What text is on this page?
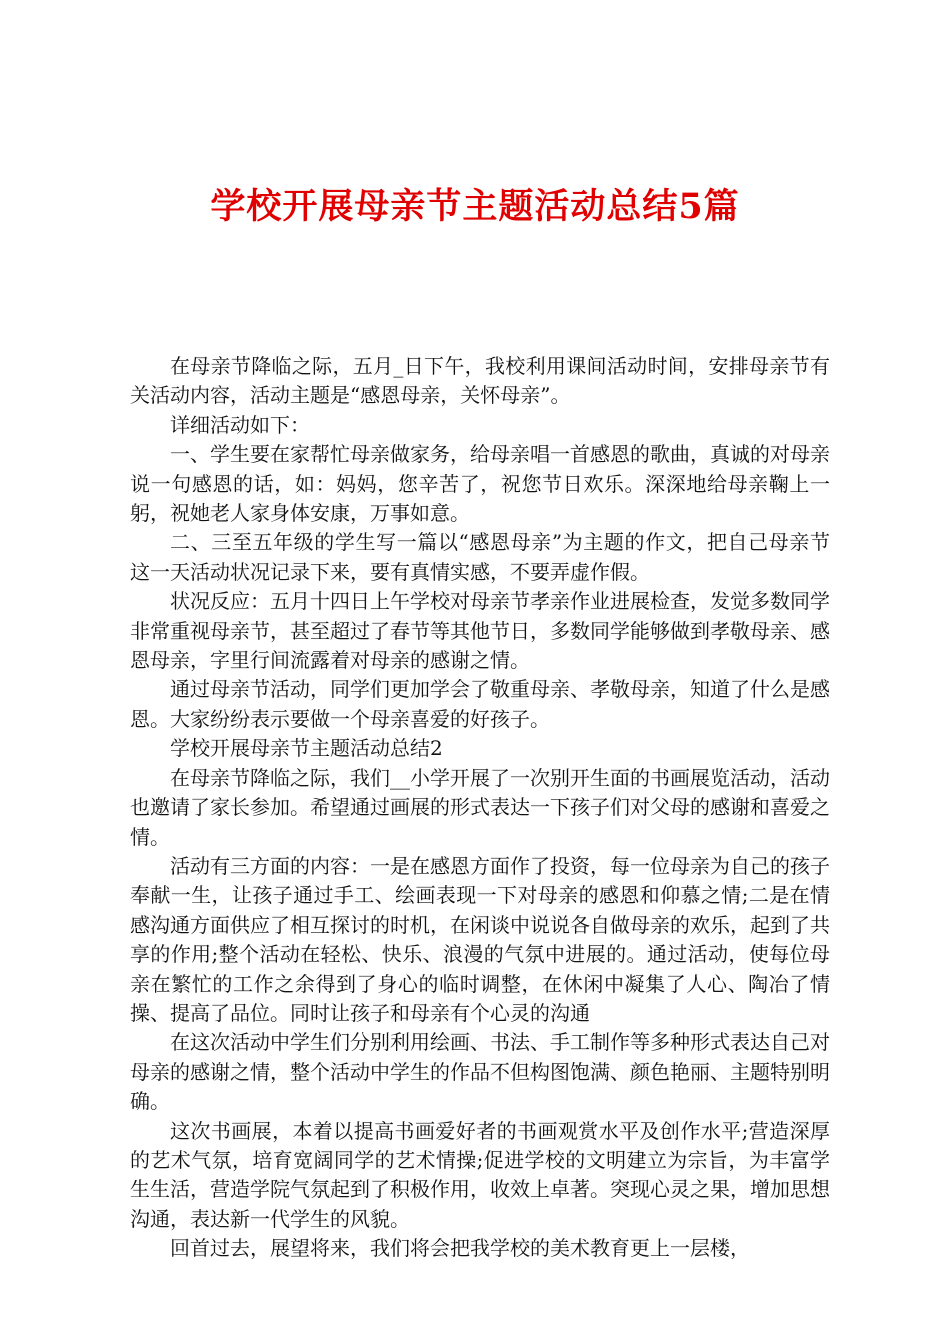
学校开展母亲节主题活动总结5篇

在母亲节降临之际，五月_日下午，我校利用课间活动时间，安排母亲节有关活动内容，活动主题是“感恩母亲，关怀母亲”。

详细活动如下：

一、学生要在家帮忙母亲做家务，给母亲唱一首感恩的歌曲，真诚的对母亲说一句感恩的话，如：妈妈，您辛苦了，祝您节日欢乐。深深地给母亲鞠上一躬，祝她老人家身体安康，万事如意。

二、三至五年级的学生写一篇以“感恩母亲”为主题的作文，把自己母亲节这一天活动状况记录下来，要有真情实感，不要弄虚作假。

状况反应：五月十四日上午学校对母亲节孝亲作业进展检查，发觉多数同学非常重视母亲节，甚至超过了春节等其他节日，多数同学能够做到孝敬母亲、感恩母亲，字里行间流露着对母亲的感谢之情。

通过母亲节活动，同学们更加学会了敬重母亲、孝敬母亲，知道了什么是感恩。大家纷纷表示要做一个母亲喜爱的好孩子。

学校开展母亲节主题活动总结2

在母亲节降临之际，我们__小学开展了一次别开生面的书画展览活动，活动也邀请了家长参加。希望通过画展的形式表达一下孩子们对父母的感谢和喜爱之情。

活动有三方面的内容：一是在感恩方面作了投资，每一位母亲为自己的孩子奉献一生，让孩子通过手工、绘画表现一下对母亲的感恩和仰慕之情;二是在情感沟通方面供应了相互探讨的时机，在闲谈中说说各自做母亲的欢乐，起到了共享的作用;整个活动在轻松、快乐、浪漫的气氛中进展的。通过活动，使每位母亲在繁忙的工作之余得到了身心的临时调整，在休闲中凝集了人心、陶冶了情操、提高了品位。同时让孩子和母亲有个心灵的沟通

在这次活动中学生们分别利用绘画、书法、手工制作等多种形式表达自己对母亲的感谢之情，整个活动中学生的作品不但构图饱满、颜色艳丽、主题特别明确。

这次书画展，本着以提高书画爱好者的书画观赏水平及创作水平;营造深厚的艺术气氛，培育宽阔同学的艺术情操;促进学校的文明建立为宗旨，为丰富学生生活，营造学院气氛起到了积极作用，收效上卓著。突现心灵之果，增加思想沟通，表达新一代学生的风貌。

回首过去，展望将来，我们将会把我学校的美术教育更上一层楼，
